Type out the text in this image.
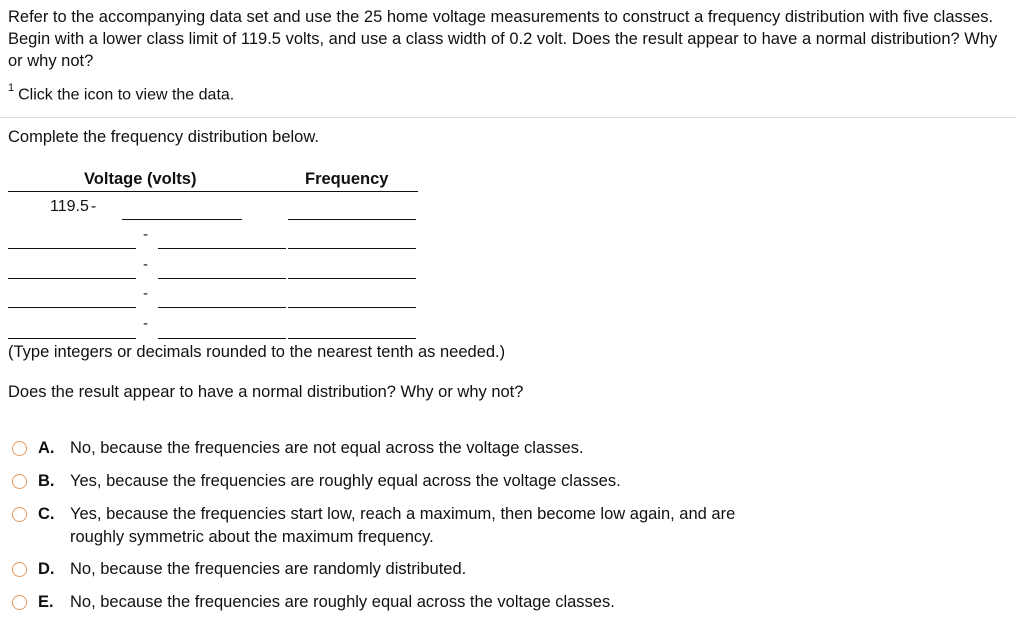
Refer to the accompanying data set and use the 25 home voltage measurements to construct a frequency distribution with five classes. Begin with a lower class limit of 119.5 volts, and use a class width of 0.2 volt. Does the result appear to have a normal distribution? Why or why not?
$^1$ Click the icon to view the data.
Complete the frequency distribution below.
Voltage (volts)	Frequency
119.5 -
-
-
-
-
(Type integers or decimals rounded to the nearest tenth as needed.)
Does the result appear to have a normal distribution? Why or why not?
A. No, because the frequencies are not equal across the voltage classes.
B. Yes, because the frequencies are roughly equal across the voltage classes.
C. Yes, because the frequencies start low, reach a maximum, then become low again, and are roughly symmetric about the maximum frequency.
D. No, because the frequencies are randomly distributed.
E. No, because the frequencies are roughly equal across the voltage classes.
